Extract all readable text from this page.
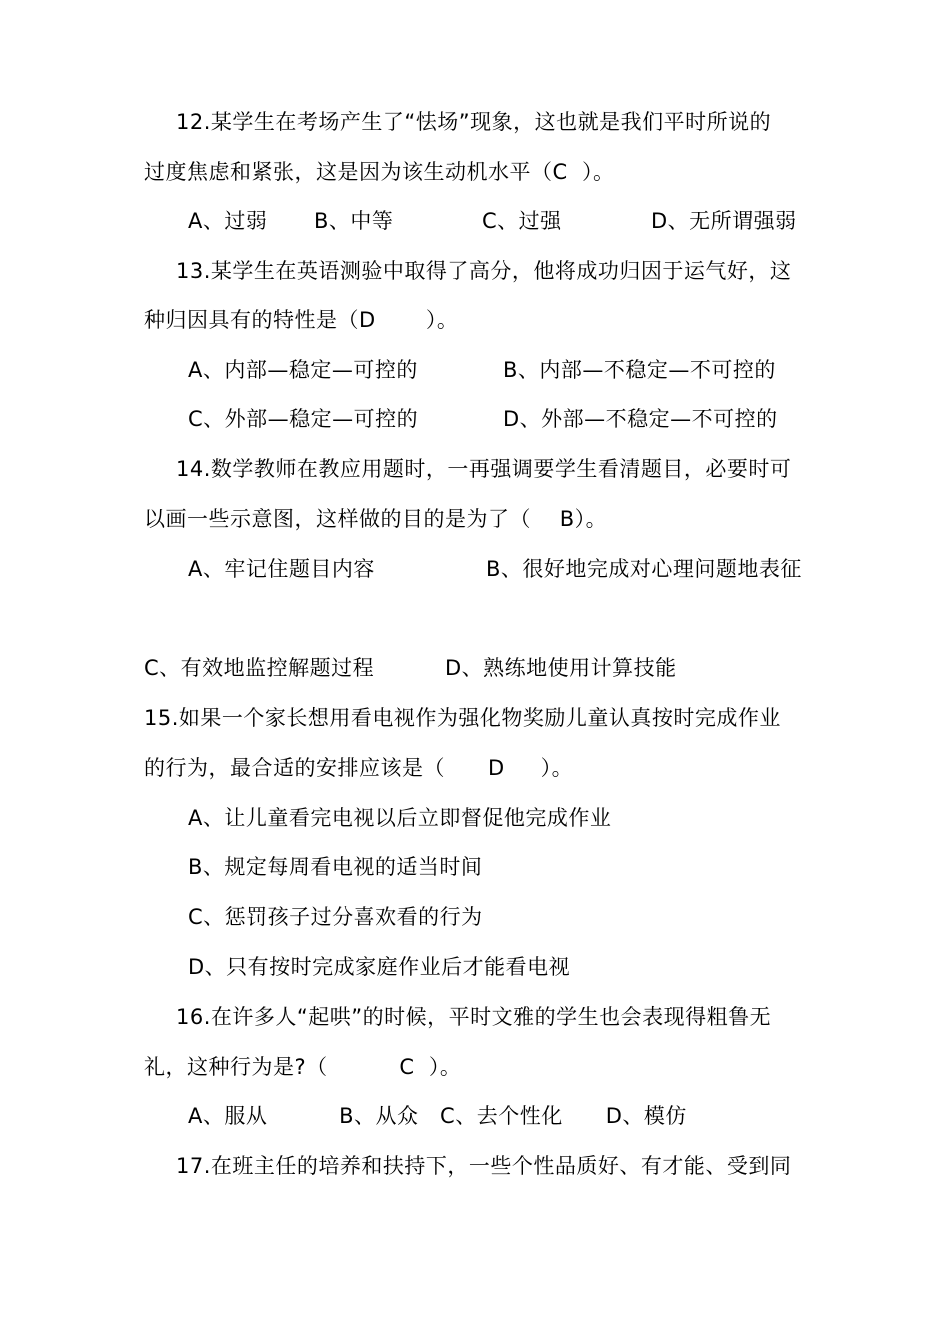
12.某学生在考场产生了“怯场”现象，这也就是我们平时所说的
过度焦虑和紧张，这是因为该生动机水平（C  ）。
A、过弱 B、中等	C、过强	D、无所谓强弱
13.某学生在英语测验中取得了高分，他将成功归因于运气好，这
种归因具有的特性是（D       ）。
A、内部—稳定—可控的	B、内部—不稳定—不可控的
C、外部—稳定—可控的	D、外部—不稳定—不可控的
14.数学教师在教应用题时，一再强调要学生看清题目，必要时可
以画一些示意图，这样做的目的是为了（    B）。
A、牢记住题目内容	B、很好地完成对心理问题地表征
C、有效地监控解题过程	D、熟练地使用计算技能
15.如果一个家长想用看电视作为强化物奖励儿童认真按时完成作业
的行为，最合适的安排应该是（      D     ）。
A、让儿童看完电视以后立即督促他完成作业
B、规定每周看电视的适当时间
C、惩罚孩子过分喜欢看的行为
D、只有按时完成家庭作业后才能看电视
16.在许多人“起哄”的时候，平时文雅的学生也会表现得粗鲁无
礼，这种行为是?（          C  ）。
A、服从          B、从众   C、去个性化      D、模仿
17.在班主任的培养和扶持下，一些个性品质好、有才能、受到同
